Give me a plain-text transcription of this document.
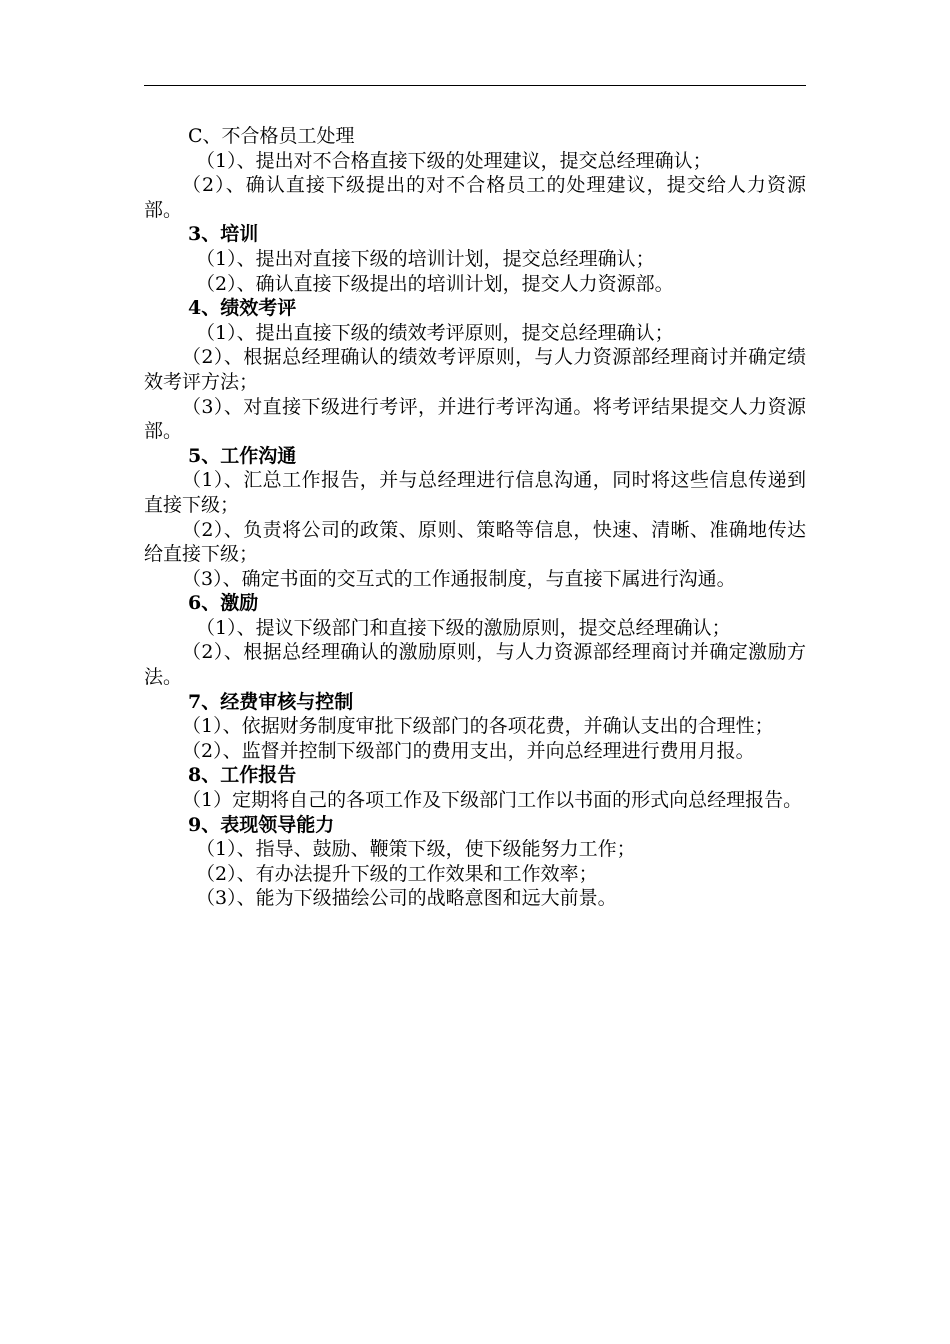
C、不合格员工处理
（1）、提出对不合格直接下级的处理建议，提交总经理确认；

（2）、确认直接下级提出的对不合格员工的处理建议，提交给人力资源部。

3、培训
（1）、提出对直接下级的培训计划，提交总经理确认；
（2）、确认直接下级提出的培训计划，提交人力资源部。
4、绩效考评
（1）、提出直接下级的绩效考评原则，提交总经理确认；

（2）、根据总经理确认的绩效考评原则，与人力资源部经理商讨并确定绩效考评方法；

（3）、对直接下级进行考评，并进行考评沟通。将考评结果提交人力资源部。

5、工作沟通

（1）、汇总工作报告，并与总经理进行信息沟通，同时将这些信息传递到直接下级；

（2）、负责将公司的政策、原则、策略等信息，快速、清晰、准确地传达给直接下级；

（3）、确定书面的交互式的工作通报制度，与直接下属进行沟通。

6、激励
（1）、提议下级部门和直接下级的激励原则，提交总经理确认；

（2）、根据总经理确认的激励原则，与人力资源部经理商讨并确定激励方法。

7、经费审核与控制

（1）、依据财务制度审批下级部门的各项花费，并确认支出的合理性；

（2）、监督并控制下级部门的费用支出，并向总经理进行费用月报。

8、工作报告

（1）定期将自己的各项工作及下级部门工作以书面的形式向总经理报告。

9、表现领导能力
（1）、指导、鼓励、鞭策下级，使下级能努力工作；
（2）、有办法提升下级的工作效果和工作效率；
（3）、能为下级描绘公司的战略意图和远大前景。
